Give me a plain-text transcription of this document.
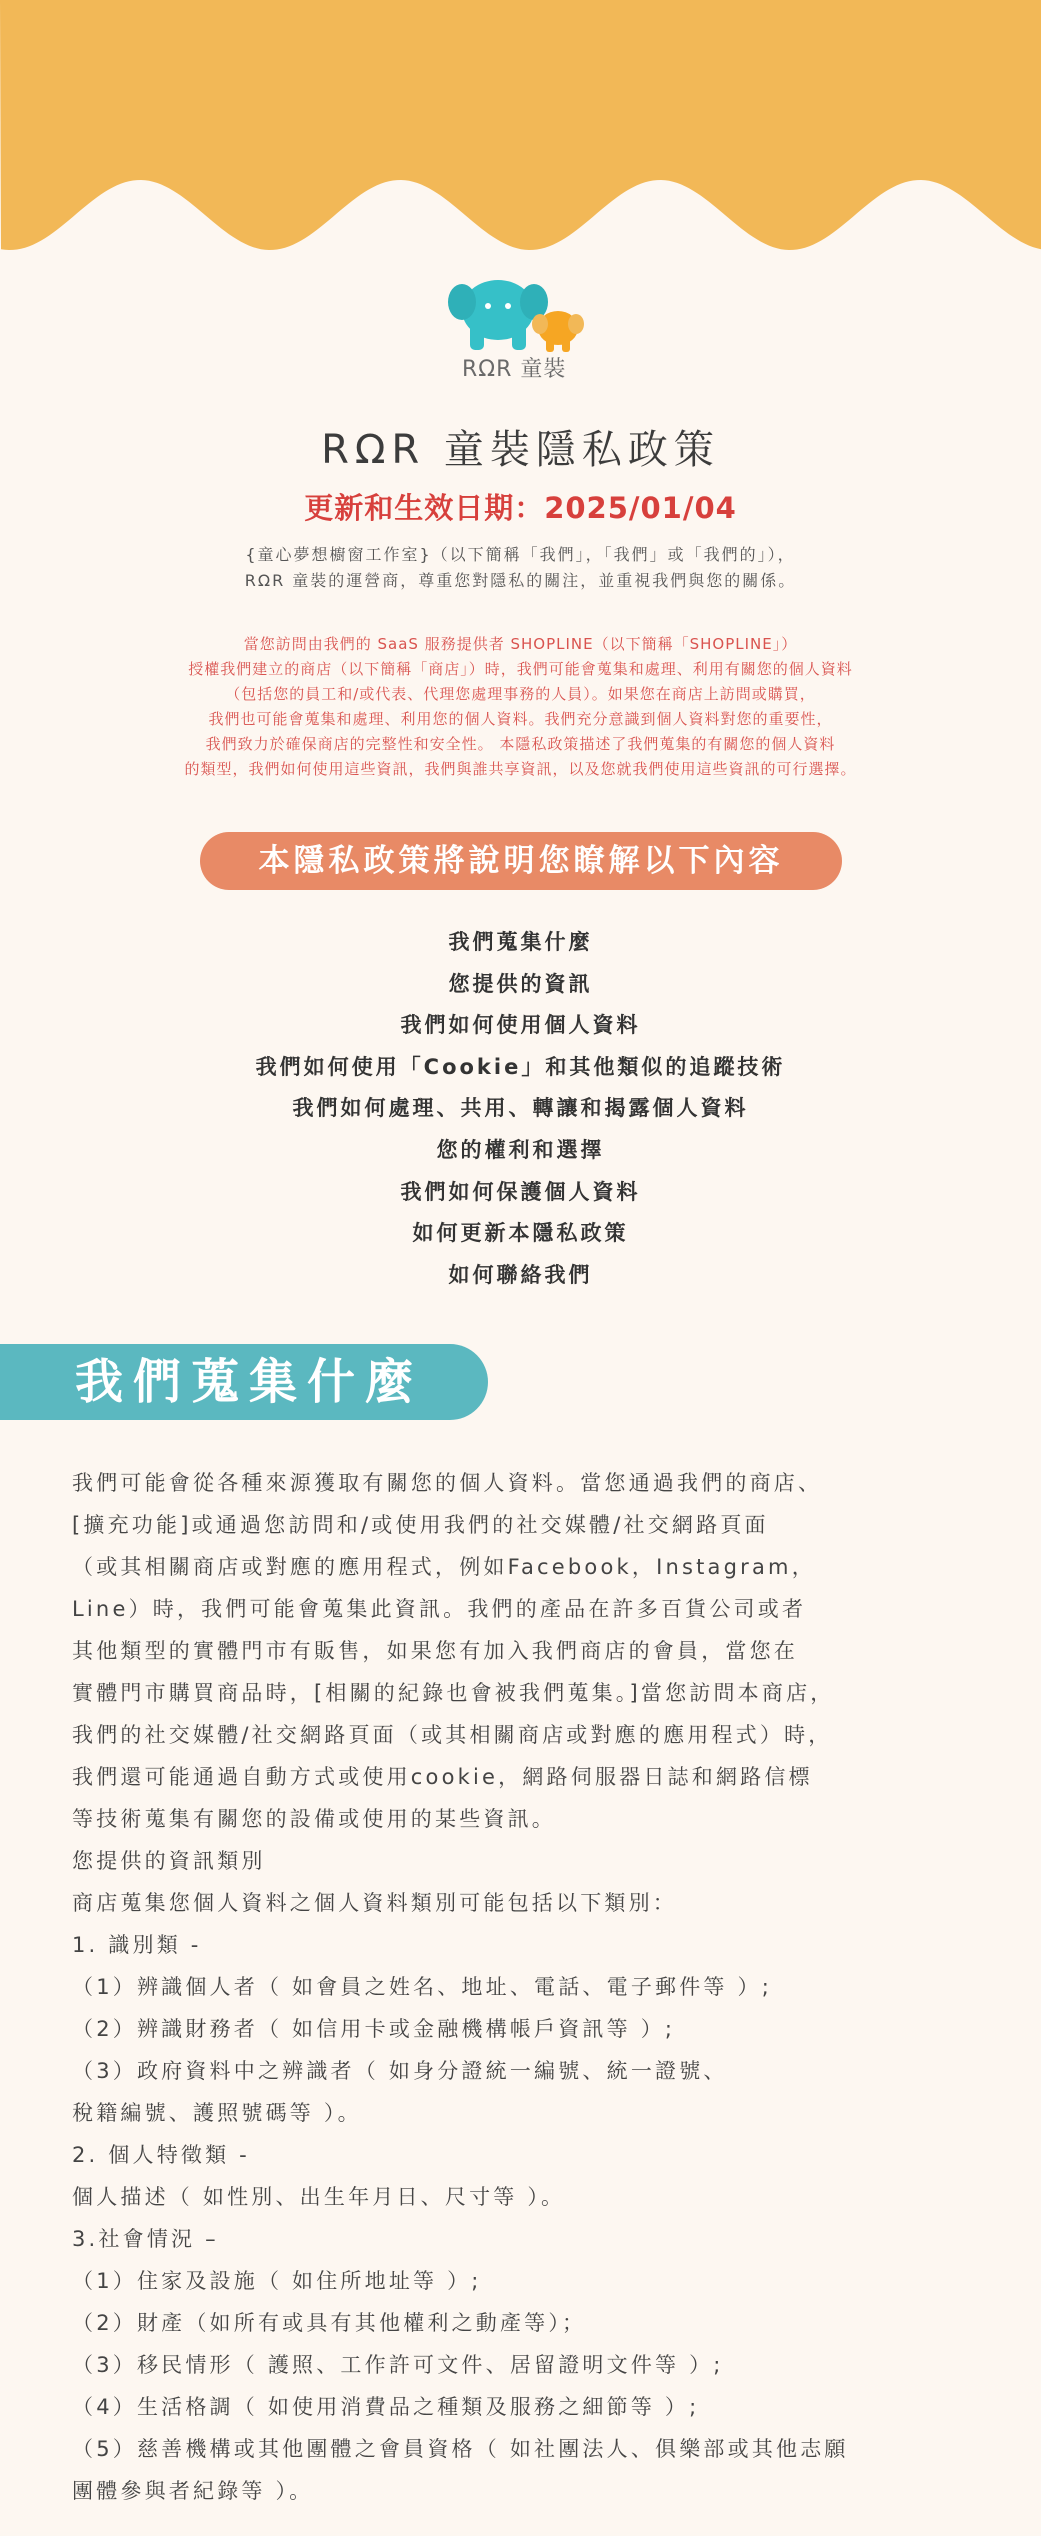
RΩR 童裝
RΩR 童裝隱私政策
更新和生效日期：2025/01/04
{童心夢想櫥窗工作室}（以下簡稱「我們」，「我們」或「我們的」），
RΩR 童裝的運營商，尊重您對隱私的關注，並重視我們與您的關係。
當您訪問由我們的 SaaS 服務提供者 SHOPLINE（以下簡稱「SHOPLINE」）
授權我們建立的商店（以下簡稱「商店」）時，我們可能會蒐集和處理、利用有關您的個人資料
（包括您的員工和/或代表、代理您處理事務的人員）。如果您在商店上訪問或購買，
我們也可能會蒐集和處理、利用您的個人資料。我們充分意識到個人資料對您的重要性，
我們致力於確保商店的完整性和安全性。 本隱私政策描述了我們蒐集的有關您的個人資料
的類型，我們如何使用這些資訊，我們與誰共享資訊，以及您就我們使用這些資訊的可行選擇。
本隱私政策將說明您瞭解以下內容
我們蒐集什麼
您提供的資訊
我們如何使用個人資料
我們如何使用「Cookie」和其他類似的追蹤技術
我們如何處理、共用、轉讓和揭露個人資料
您的權利和選擇
我們如何保護個人資料
如何更新本隱私政策
如何聯絡我們
我們蒐集什麼

我們可能會從各種來源獲取有關您的個人資料。當您通過我們的商店、

[擴充功能]或通過您訪問和/或使用我們的社交媒體/社交網路頁面

（或其相關商店或對應的應用程式，例如Facebook，Instagram，

Line）時，我們可能會蒐集此資訊。我們的產品在許多百貨公司或者

其他類型的實體門市有販售，如果您有加入我們商店的會員，當您在

實體門市購買商品時，[相關的紀錄也會被我們蒐集。]當您訪問本商店，

我們的社交媒體/社交網路頁面（或其相關商店或對應的應用程式）時，

我們還可能通過自動方式或使用cookie，網路伺服器日誌和網路信標

等技術蒐集有關您的設備或使用的某些資訊。

您提供的資訊類別

商店蒐集您個人資料之個人資料類別可能包括以下類別：

1. 識別類 -

（1）辨識個人者（ 如會員之姓名、地址、電話、電子郵件等 ）;

（2）辨識財務者（ 如信用卡或金融機構帳戶資訊等 ）;

（3）政府資料中之辨識者（ 如身分證統一編號、統一證號、

稅籍編號、護照號碼等 ）。

2. 個人特徵類 -

個人描述（ 如性別、出生年月日、尺寸等 ）。

3.社會情況 –

（1）住家及設施（ 如住所地址等 ）;

（2）財產（如所有或具有其他權利之動產等）；

（3）移民情形（ 護照、工作許可文件、居留證明文件等 ）;

（4）生活格調（ 如使用消費品之種類及服務之細節等 ）;

（5）慈善機構或其他團體之會員資格（ 如社團法人、俱樂部或其他志願

團體參與者紀錄等 ）。
